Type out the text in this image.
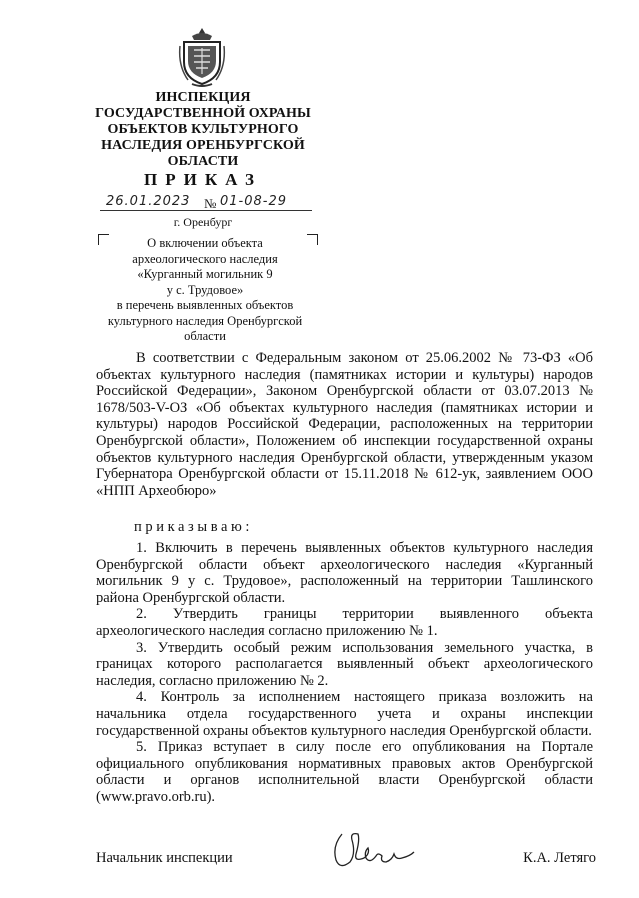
ИНСПЕКЦИЯ
ГОСУДАРСТВЕННОЙ ОХРАНЫ
ОБЪЕКТОВ КУЛЬТУРНОГО
НАСЛЕДИЯ ОРЕНБУРГСКОЙ
ОБЛАСТИ
ПРИКАЗ
26.01.2023 № 01-08-29
г. Оренбург
О включении объекта
археологического наследия
«Курганный могильник 9
у с. Трудовое»
в перечень выявленных объектов
культурного наследия Оренбургской
области

В соответствии с Федеральным законом от 25.06.2002 № 73-ФЗ «Об объектах культурного наследия (памятниках истории и культуры) народов Российской Федерации», Законом Оренбургской области от 03.07.2013 № 1678/503-V-ОЗ «Об объектах культурного наследия (памятниках истории и культуры) народов Российской Федерации, расположенных на территории Оренбургской области», Положением об инспекции государственной охраны объектов культурного наследия Оренбургской области, утвержденным указом Губернатора Оренбургской области от 15.11.2018 № 612-ук, заявлением ООО «НПП Археобюро»

приказываю:

1. Включить в перечень выявленных объектов культурного наследия Оренбургской области объект археологического наследия «Курганный могильник 9 у с. Трудовое», расположенный на территории Ташлинского района Оренбургской области.

2. Утвердить границы территории выявленного объекта археологического наследия согласно приложению № 1.

3. Утвердить особый режим использования земельного участка, в границах которого располагается выявленный объект археологического наследия, согласно приложению № 2.

4. Контроль за исполнением настоящего приказа возложить на начальника отдела государственного учета и охраны инспекции государственной охраны объектов культурного наследия Оренбургской области.

5. Приказ вступает в силу после его опубликования на Портале официального опубликования нормативных правовых актов Оренбургской области и органов исполнительной власти Оренбургской области (www.pravo.orb.ru).

Начальник инспекции	К.А. Летяго
